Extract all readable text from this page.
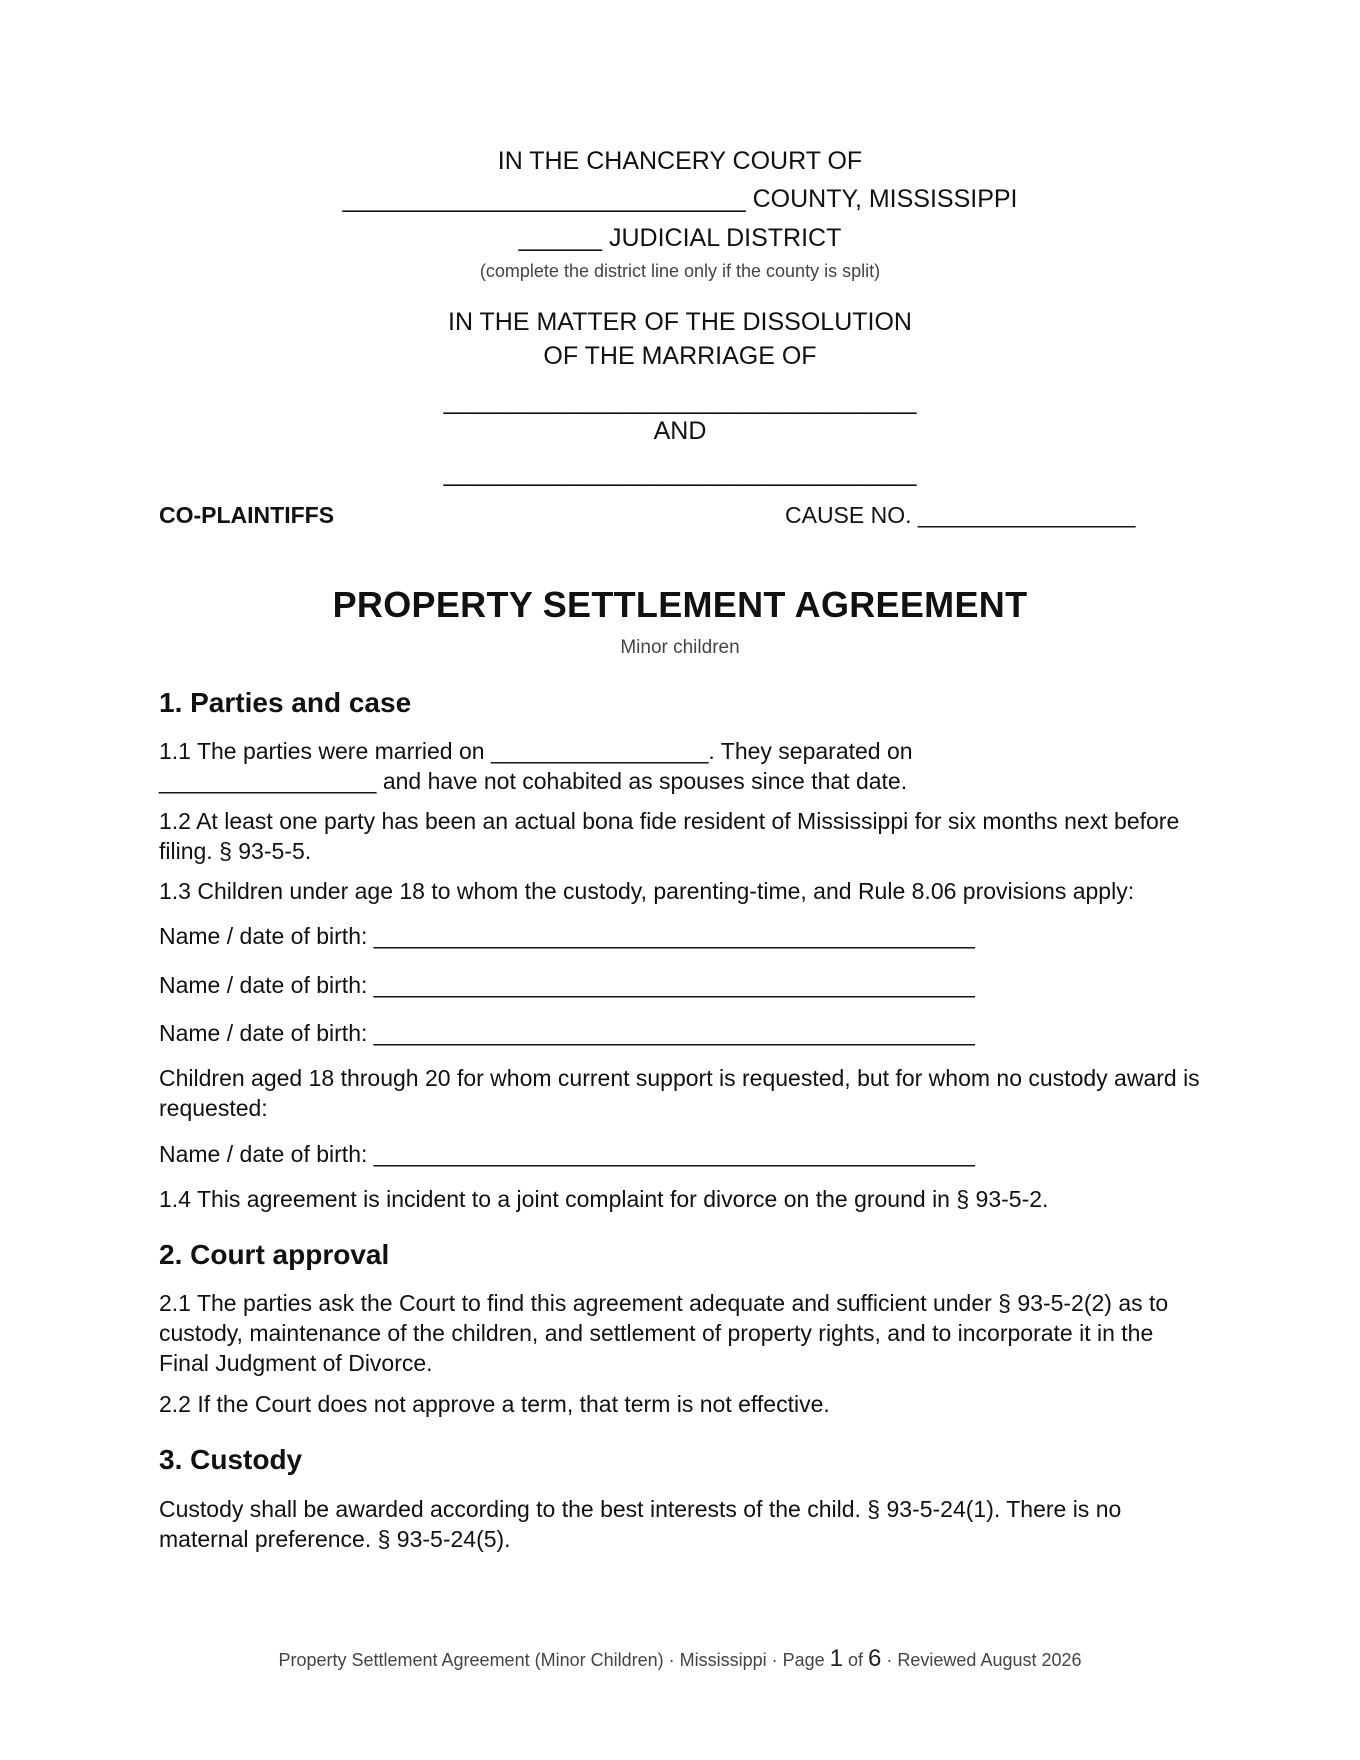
IN THE CHANCERY COURT OF
_____________________________ COUNTY, MISSISSIPPI
______ JUDICIAL DISTRICT
(complete the district line only if the county is split)
IN THE MATTER OF THE DISSOLUTION
OF THE MARRIAGE OF
__________________________________
AND
__________________________________
CO-PLAINTIFFS	CAUSE NO. _________________
PROPERTY SETTLEMENT AGREEMENT
Minor children
1. Parties and case
1.1 The parties were married on _________________. They separated on _________________ and have not cohabited as spouses since that date.
1.2 At least one party has been an actual bona fide resident of Mississippi for six months next before filing. § 93-5-5.
1.3 Children under age 18 to whom the custody, parenting-time, and Rule 8.06 provisions apply:
Name / date of birth: _______________________________________________
Name / date of birth: _______________________________________________
Name / date of birth: _______________________________________________
Children aged 18 through 20 for whom current support is requested, but for whom no custody award is requested:
Name / date of birth: _______________________________________________
1.4 This agreement is incident to a joint complaint for divorce on the ground in § 93-5-2.
2. Court approval
2.1 The parties ask the Court to find this agreement adequate and sufficient under § 93-5-2(2) as to custody, maintenance of the children, and settlement of property rights, and to incorporate it in the Final Judgment of Divorce.
2.2 If the Court does not approve a term, that term is not effective.
3. Custody
Custody shall be awarded according to the best interests of the child. § 93-5-24(1). There is no maternal preference. § 93-5-24(5).
Property Settlement Agreement (Minor Children) · Mississippi · Page 1 of 6 · Reviewed August 2026
